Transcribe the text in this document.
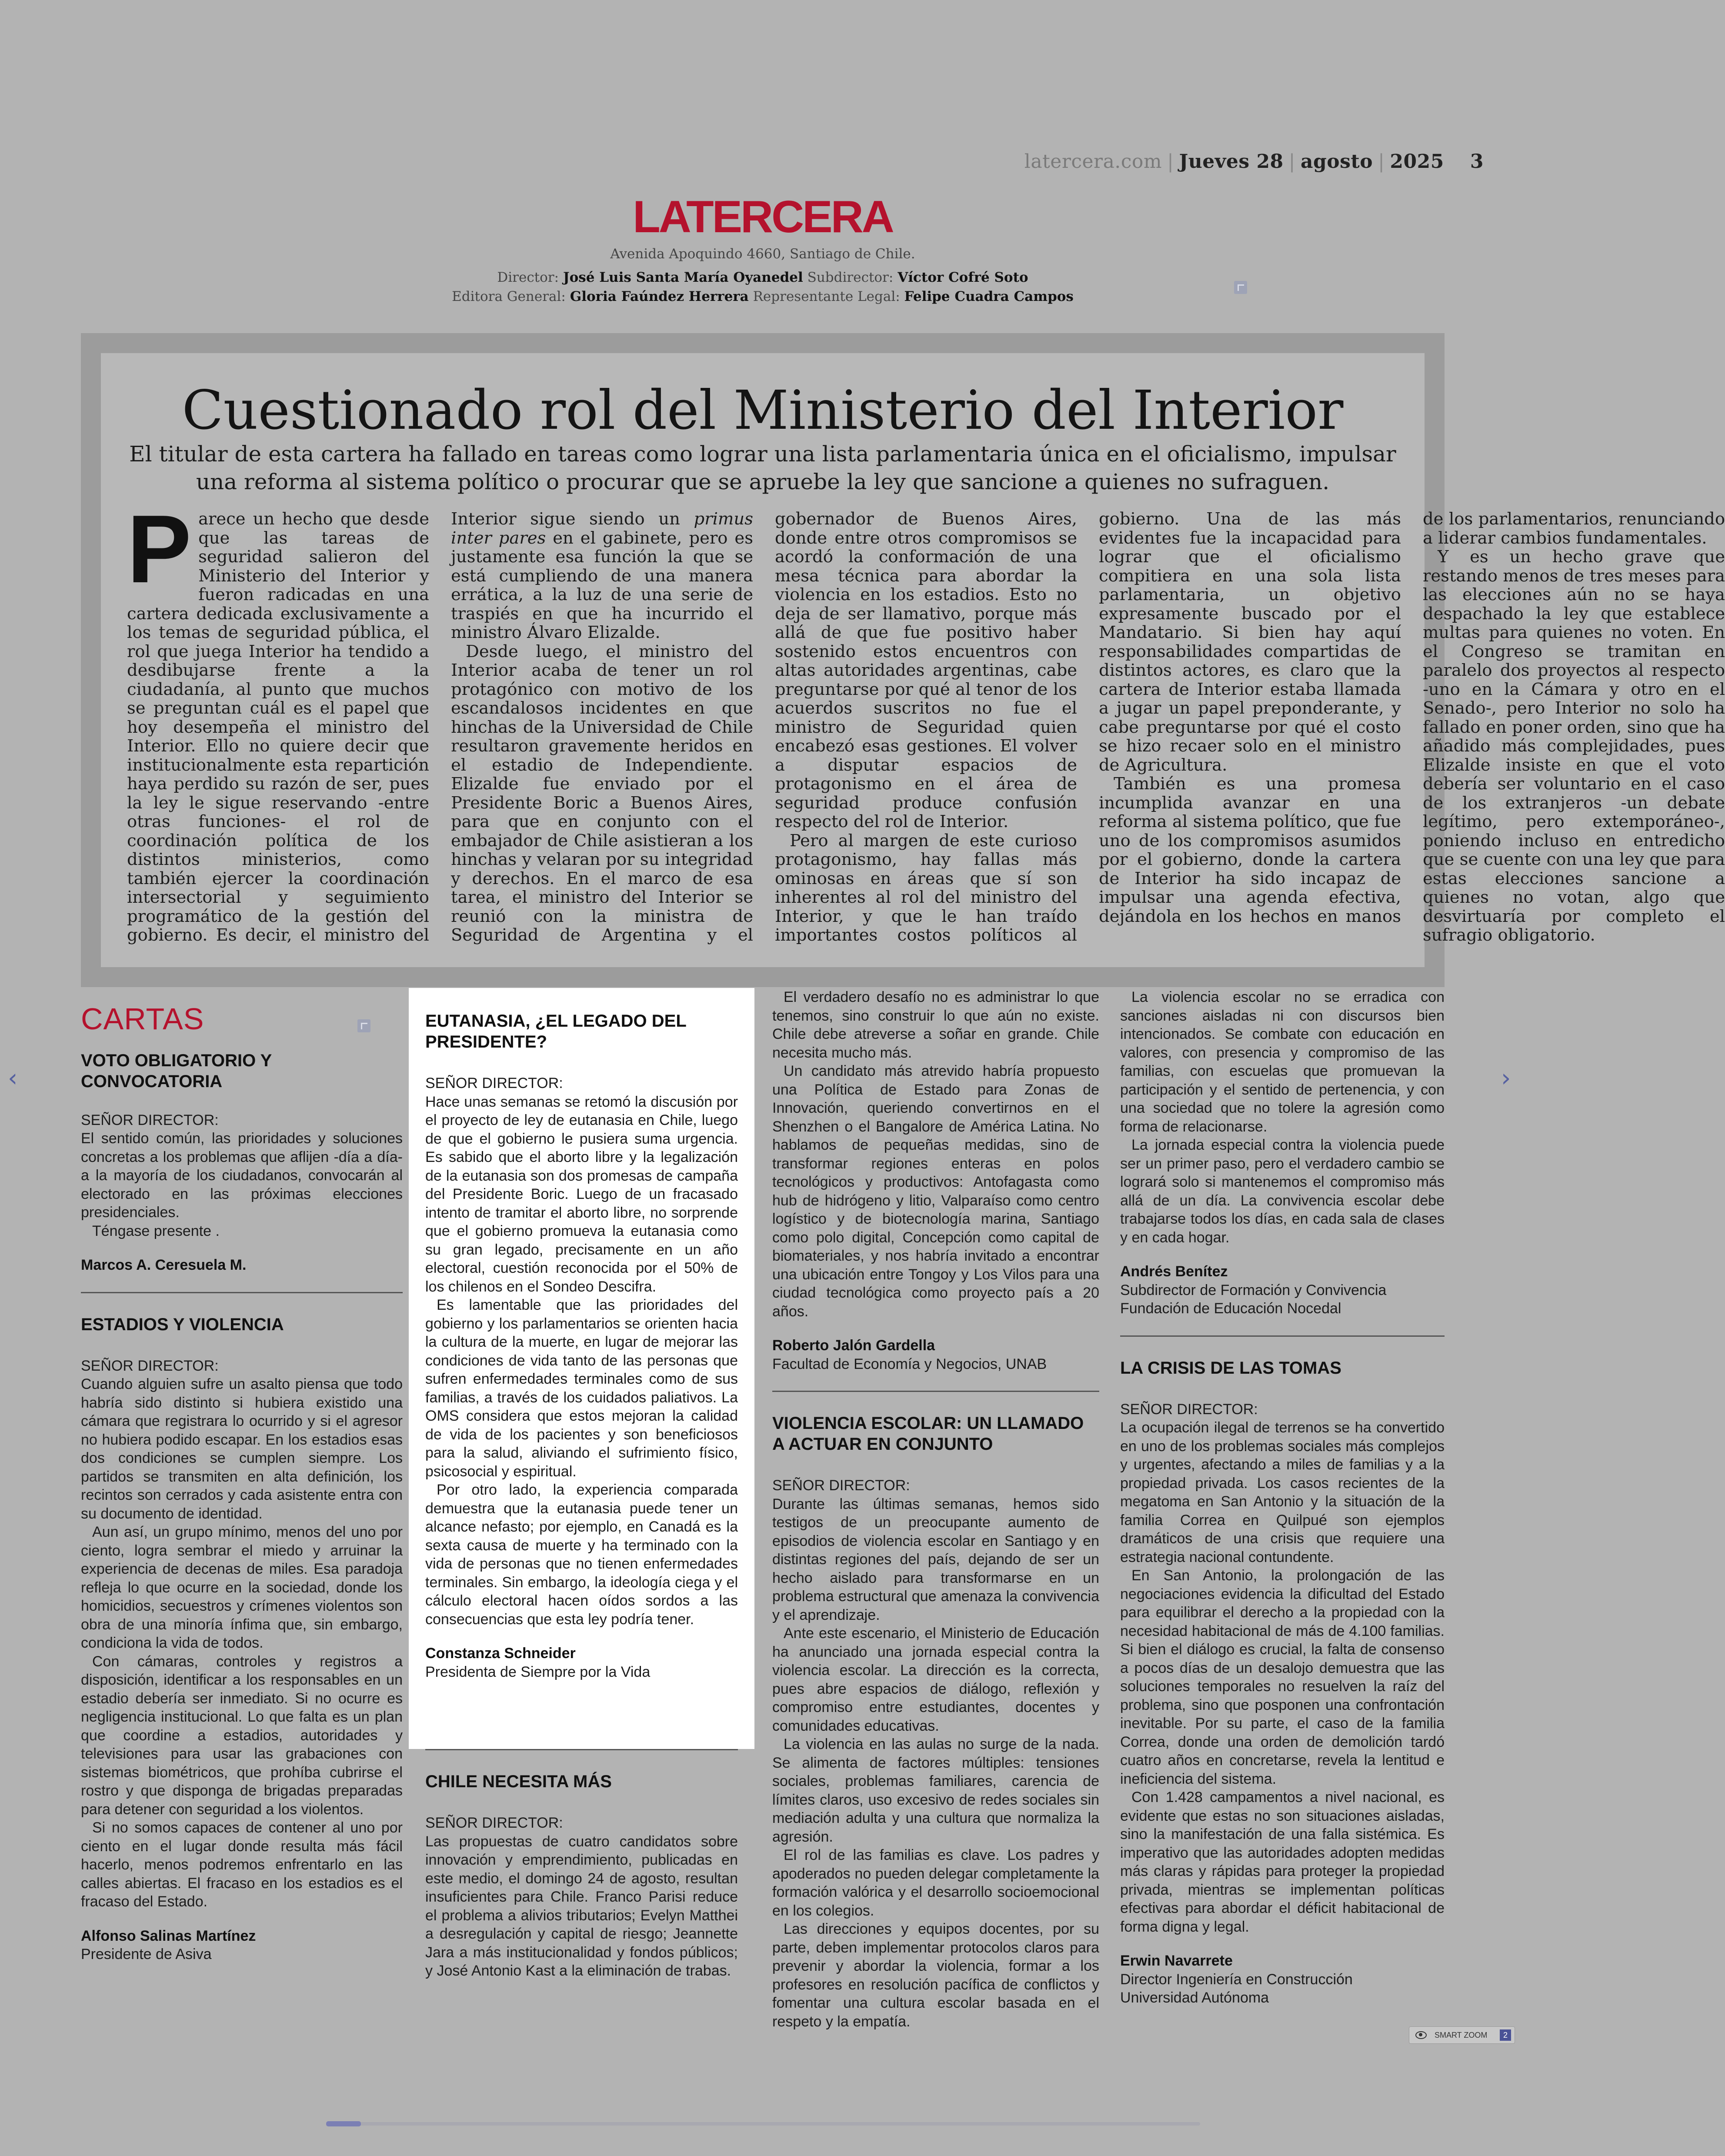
latercera.com | Jueves 28 | agosto | 2025 3
LATERCERA
Avenida Apoquindo 4660, Santiago de Chile.
Director: José Luis Santa María Oyanedel Subdirector: Víctor Cofré Soto
Editora General: Gloria Faúndez Herrera Representante Legal: Felipe Cuadra Campos
Cuestionado rol del Ministerio del Interior
El titular de esta cartera ha fallado en tareas como lograr una lista parlamentaria única en el oficialismo, impulsar una reforma al sistema político o procurar que se apruebe la ley que sancione a quienes no sufraguen.

Parece un hecho que desde que las tareas de seguridad salieron del Ministerio del Interior y fueron radicadas en una cartera dedicada exclusivamente a los temas de seguridad pública, el rol que juega Interior ha tendido a desdibujarse frente a la ciudadanía, al punto que muchos se preguntan cuál es el papel que hoy desempeña el ministro del Interior. Ello no quiere decir que institucionalmente esta repartición haya perdido su razón de ser, pues la ley le sigue reservando -entre otras funciones- el rol de coordinación política de los distintos ministerios, como también ejercer la coordinación intersectorial y seguimiento programático de la gestión del gobierno. Es decir, el ministro del Interior sigue siendo un primus inter pares en el gabinete, pero es justamente esa función la que se está cumpliendo de una manera errática, a la luz de una serie de traspiés en que ha incurrido el ministro Álvaro Elizalde.

Desde luego, el ministro del Interior acaba de tener un rol protagónico con motivo de los escandalosos incidentes en que hinchas de la Universidad de Chile resultaron gravemente heridos en el estadio de Independiente. Elizalde fue enviado por el Presidente Boric a Buenos Aires, para que en conjunto con el embajador de Chile asistieran a los hinchas y velaran por su integridad y derechos. En el marco de esa tarea, el ministro del Interior se reunió con la ministra de Seguridad de Argentina y el gobernador de Buenos Aires, donde entre otros compromisos se acordó la conformación de una mesa técnica para abordar la violencia en los estadios. Esto no deja de ser llamativo, porque más allá de que fue positivo haber sostenido estos encuentros con altas autoridades argentinas, cabe preguntarse por qué al tenor de los acuerdos suscritos no fue el ministro de Seguridad quien encabezó esas gestiones. El volver a disputar espacios de protagonismo en el área de seguridad produce confusión respecto del rol de Interior.

Pero al margen de este curioso protagonismo, hay fallas más ominosas en áreas que sí son inherentes al rol del ministro del Interior, y que le han traído importantes costos políticos al gobierno. Una de las más evidentes fue la incapacidad para lograr que el oficialismo compitiera en una sola lista parlamentaria, un objetivo expresamente buscado por el Mandatario. Si bien hay aquí responsabilidades compartidas de distintos actores, es claro que la cartera de Interior estaba llamada a jugar un papel preponderante, y cabe preguntarse por qué el costo se hizo recaer solo en el ministro de Agricultura.

También es una promesa incumplida avanzar en una reforma al sistema político, que fue uno de los compromisos asumidos por el gobierno, donde la cartera de Interior ha sido incapaz de impulsar una agenda efectiva, dejándola en los hechos en manos de los parlamentarios, renunciando a liderar cambios fundamentales.

Y es un hecho grave que restando menos de tres meses para las elecciones aún no se haya despachado la ley que establece multas para quienes no voten. En el Congreso se tramitan en paralelo dos proyectos al respecto -uno en la Cámara y otro en el Senado-, pero Interior no solo ha fallado en poner orden, sino que ha añadido más complejidades, pues Elizalde insiste en que el voto debería ser voluntario en el caso de los extranjeros -un debate legítimo, pero extemporáneo-, poniendo incluso en entredicho que se cuente con una ley que para estas elecciones sancione a quienes no votan, algo que desvirtuaría por completo el sufragio obligatorio.

CARTAS
VOTO OBLIGATORIO Y CONVOCATORIA
SEÑOR DIRECTOR:

El sentido común, las prioridades y soluciones concretas a los problemas que aflijen -día a día- a la mayoría de los ciudadanos, convocarán al electorado en las próximas elecciones presidenciales.

Téngase presente .

Marcos A. Ceresuela M.
ESTADIOS Y VIOLENCIA
SEÑOR DIRECTOR:

Cuando alguien sufre un asalto piensa que todo habría sido distinto si hubiera existido una cámara que registrara lo ocurrido y si el agresor no hubiera podido escapar. En los estadios esas dos condiciones se cumplen siempre. Los partidos se transmiten en alta definición, los recintos son cerrados y cada asistente entra con su documento de identidad.

Aun así, un grupo mínimo, menos del uno por ciento, logra sembrar el miedo y arruinar la experiencia de decenas de miles. Esa paradoja refleja lo que ocurre en la sociedad, donde los homicidios, secuestros y crímenes violentos son obra de una minoría ínfima que, sin embargo, condiciona la vida de todos.

Con cámaras, controles y registros a disposición, identificar a los responsables en un estadio debería ser inmediato. Si no ocurre es negligencia institucional. Lo que falta es un plan que coordine a estadios, autoridades y televisiones para usar las grabaciones con sistemas biométricos, que prohíba cubrirse el rostro y que disponga de brigadas preparadas para detener con seguridad a los violentos.

Si no somos capaces de contener al uno por ciento en el lugar donde resulta más fácil hacerlo, menos podremos enfrentarlo en las calles abiertas. El fracaso en los estadios es el fracaso del Estado.

Alfonso Salinas Martínez
Presidente de Asiva
EUTANASIA, ¿EL LEGADO DEL PRESIDENTE?
SEÑOR DIRECTOR:

Hace unas semanas se retomó la discusión por el proyecto de ley de eutanasia en Chile, luego de que el gobierno le pusiera suma urgencia. Es sabido que el aborto libre y la legalización de la eutanasia son dos promesas de campaña del Presidente Boric. Luego de un fracasado intento de tramitar el aborto libre, no sorprende que el gobierno promueva la eutanasia como su gran legado, precisamente en un año electoral, cuestión reconocida por el 50% de los chilenos en el Sondeo Descifra.

Es lamentable que las prioridades del gobierno y los parlamentarios se orienten hacia la cultura de la muerte, en lugar de mejorar las condiciones de vida tanto de las personas que sufren enfermedades terminales como de sus familias, a través de los cuidados paliativos. La OMS considera que estos mejoran la calidad de vida de los pacientes y son beneficiosos para la salud, aliviando el sufrimiento físico, psicosocial y espiritual.

Por otro lado, la experiencia comparada demuestra que la eutanasia puede tener un alcance nefasto; por ejemplo, en Canadá es la sexta causa de muerte y ha terminado con la vida de personas que no tienen enfermedades terminales. Sin embargo, la ideología ciega y el cálculo electoral hacen oídos sordos a las consecuencias que esta ley podría tener.

Constanza Schneider
Presidenta de Siempre por la Vida
CHILE NECESITA MÁS
SEÑOR DIRECTOR:

Las propuestas de cuatro candidatos sobre innovación y emprendimiento, publicadas en este medio, el domingo 24 de agosto, resultan insuficientes para Chile. Franco Parisi reduce el problema a alivios tributarios; Evelyn Matthei a desregulación y capital de riesgo; Jeannette Jara a más institucionalidad y fondos públicos; y José Antonio Kast a la eliminación de trabas.

El verdadero desafío no es administrar lo que tenemos, sino construir lo que aún no existe. Chile debe atreverse a soñar en grande. Chile necesita mucho más.

Un candidato más atrevido habría propuesto una Política de Estado para Zonas de Innovación, queriendo convertirnos en el Shenzhen o el Bangalore de América Latina. No hablamos de pequeñas medidas, sino de transformar regiones enteras en polos tecnológicos y productivos: Antofagasta como hub de hidrógeno y litio, Valparaíso como centro logístico y de biotecnología marina, Santiago como polo digital, Concepción como capital de biomateriales, y nos habría invitado a encontrar una ubicación entre Tongoy y Los Vilos para una ciudad tecnológica como proyecto país a 20 años.

Roberto Jalón Gardella
Facultad de Economía y Negocios, UNAB
VIOLENCIA ESCOLAR: UN LLAMADO A ACTUAR EN CONJUNTO
SEÑOR DIRECTOR:

Durante las últimas semanas, hemos sido testigos de un preocupante aumento de episodios de violencia escolar en Santiago y en distintas regiones del país, dejando de ser un hecho aislado para transformarse en un problema estructural que amenaza la convivencia y el aprendizaje.

Ante este escenario, el Ministerio de Educación ha anunciado una jornada especial contra la violencia escolar. La dirección es la correcta, pues abre espacios de diálogo, reflexión y compromiso entre estudiantes, docentes y comunidades educativas.

La violencia en las aulas no surge de la nada. Se alimenta de factores múltiples: tensiones sociales, problemas familiares, carencia de límites claros, uso excesivo de redes sociales sin mediación adulta y una cultura que normaliza la agresión.

El rol de las familias es clave. Los padres y apoderados no pueden delegar completamente la formación valórica y el desarrollo socioemocional en los colegios.

Las direcciones y equipos docentes, por su parte, deben implementar protocolos claros para prevenir y abordar la violencia, formar a los profesores en resolución pacífica de conflictos y fomentar una cultura escolar basada en el respeto y la empatía.

La violencia escolar no se erradica con sanciones aisladas ni con discursos bien intencionados. Se combate con educación en valores, con presencia y compromiso de las familias, con escuelas que promuevan la participación y el sentido de pertenencia, y con una sociedad que no tolere la agresión como forma de relacionarse.

La jornada especial contra la violencia puede ser un primer paso, pero el verdadero cambio se logrará solo si mantenemos el compromiso más allá de un día. La convivencia escolar debe trabajarse todos los días, en cada sala de clases y en cada hogar.

Andrés Benítez
Subdirector de Formación y Convivencia
Fundación de Educación Nocedal
LA CRISIS DE LAS TOMAS
SEÑOR DIRECTOR:

La ocupación ilegal de terrenos se ha convertido en uno de los problemas sociales más complejos y urgentes, afectando a miles de familias y a la propiedad privada. Los casos recientes de la megatoma en San Antonio y la situación de la familia Correa en Quilpué son ejemplos dramáticos de una crisis que requiere una estrategia nacional contundente.

En San Antonio, la prolongación de las negociaciones evidencia la dificultad del Estado para equilibrar el derecho a la propiedad con la necesidad habitacional de más de 4.100 familias. Si bien el diálogo es crucial, la falta de consenso a pocos días de un desalojo demuestra que las soluciones temporales no resuelven la raíz del problema, sino que posponen una confrontación inevitable. Por su parte, el caso de la familia Correa, donde una orden de demolición tardó cuatro años en concretarse, revela la lentitud e ineficiencia del sistema.

Con 1.428 campamentos a nivel nacional, es evidente que estas no son situaciones aisladas, sino la manifestación de una falla sistémica. Es imperativo que las autoridades adopten medidas más claras y rápidas para proteger la propiedad privada, mientras se implementan políticas efectivas para abordar el déficit habitacional de forma digna y legal.

Erwin Navarrete
Director Ingeniería en Construcción
Universidad Autónoma
‹	›
SMART ZOOM	2
